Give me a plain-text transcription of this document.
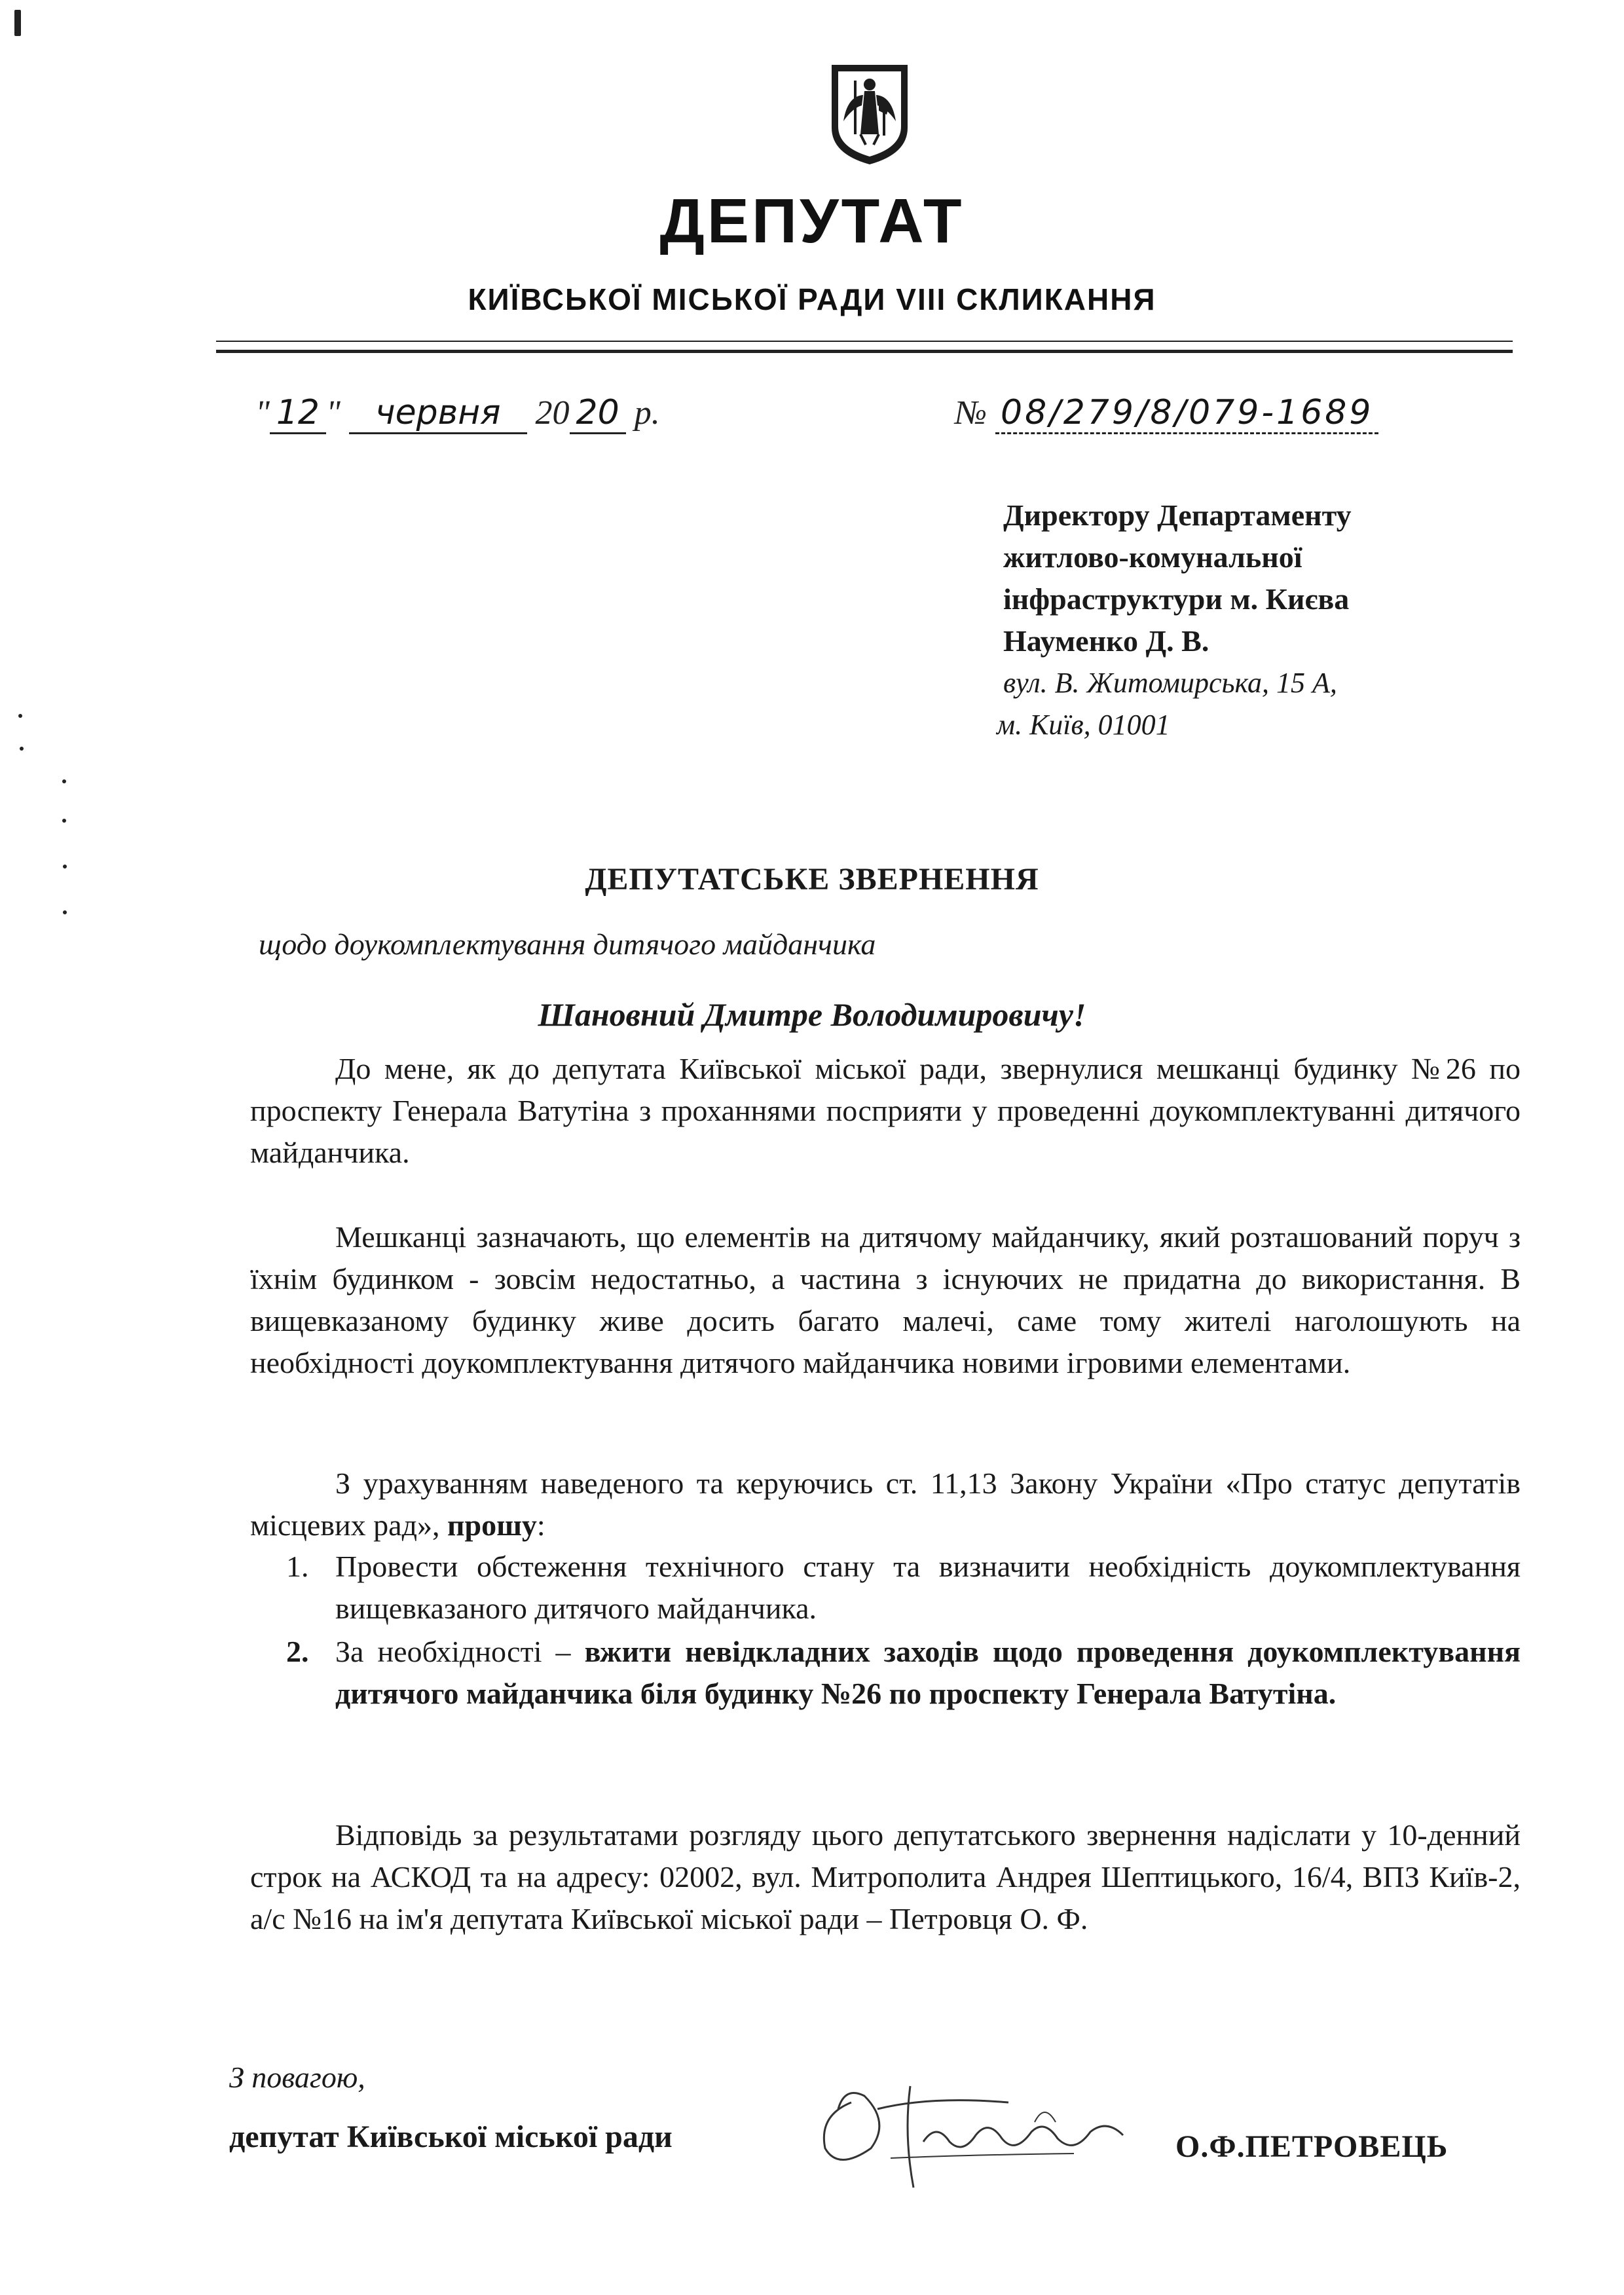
ДЕПУТАТ
КИЇВСЬКОЇ МІСЬКОЇ РАДИ VIII СКЛИКАННЯ
" 12 " червня 20 20 р.	№ 08/279/8/079-1689

Директору Департаменту

житлово-комунальної

інфраструктури м. Києва

Науменко Д. В.

вул. В. Житомирська, 15 А,

м. Київ, 01001

ДЕПУТАТСЬКЕ ЗВЕРНЕННЯ
щодо доукомплектування дитячого майданчика
Шановний Дмитре Володимировичу!

До мене, як до депутата Київської міської ради, звернулися мешканці будинку №26 по проспекту Генерала Ватутіна з проханнями посприяти у проведенні доукомплектуванні дитячого майданчика.

Мешканці зазначають, що елементів на дитячому майданчику, який розташований поруч з їхнім будинком - зовсім недостатньо, а частина з існуючих не придатна до використання. В вищевказаному будинку живе досить багато малечі, саме тому жителі наголошують на необхідності доукомплектування дитячого майданчика новими ігровими елементами.

З урахуванням наведеного та керуючись ст. 11,13 Закону України «Про статус депутатів місцевих рад», прошу:

1. Провести обстеження технічного стану та визначити необхідність доукомплектування вищевказаного дитячого майданчика.
2. За необхідності – вжити невідкладних заходів щодо проведення доукомплектування дитячого майданчика біля будинку №26 по проспекту Генерала Ватутіна.

Відповідь за результатами розгляду цього депутатського звернення надіслати у 10-денний строк на АСКОД та на адресу: 02002, вул. Митрополита Андрея Шептицького, 16/4, ВПЗ Київ-2, а/с №16 на ім'я депутата Київської міської ради – Петровця О. Ф.

З повагою,
депутат Київської міської ради	О.Ф.ПЕТРОВЕЦЬ
